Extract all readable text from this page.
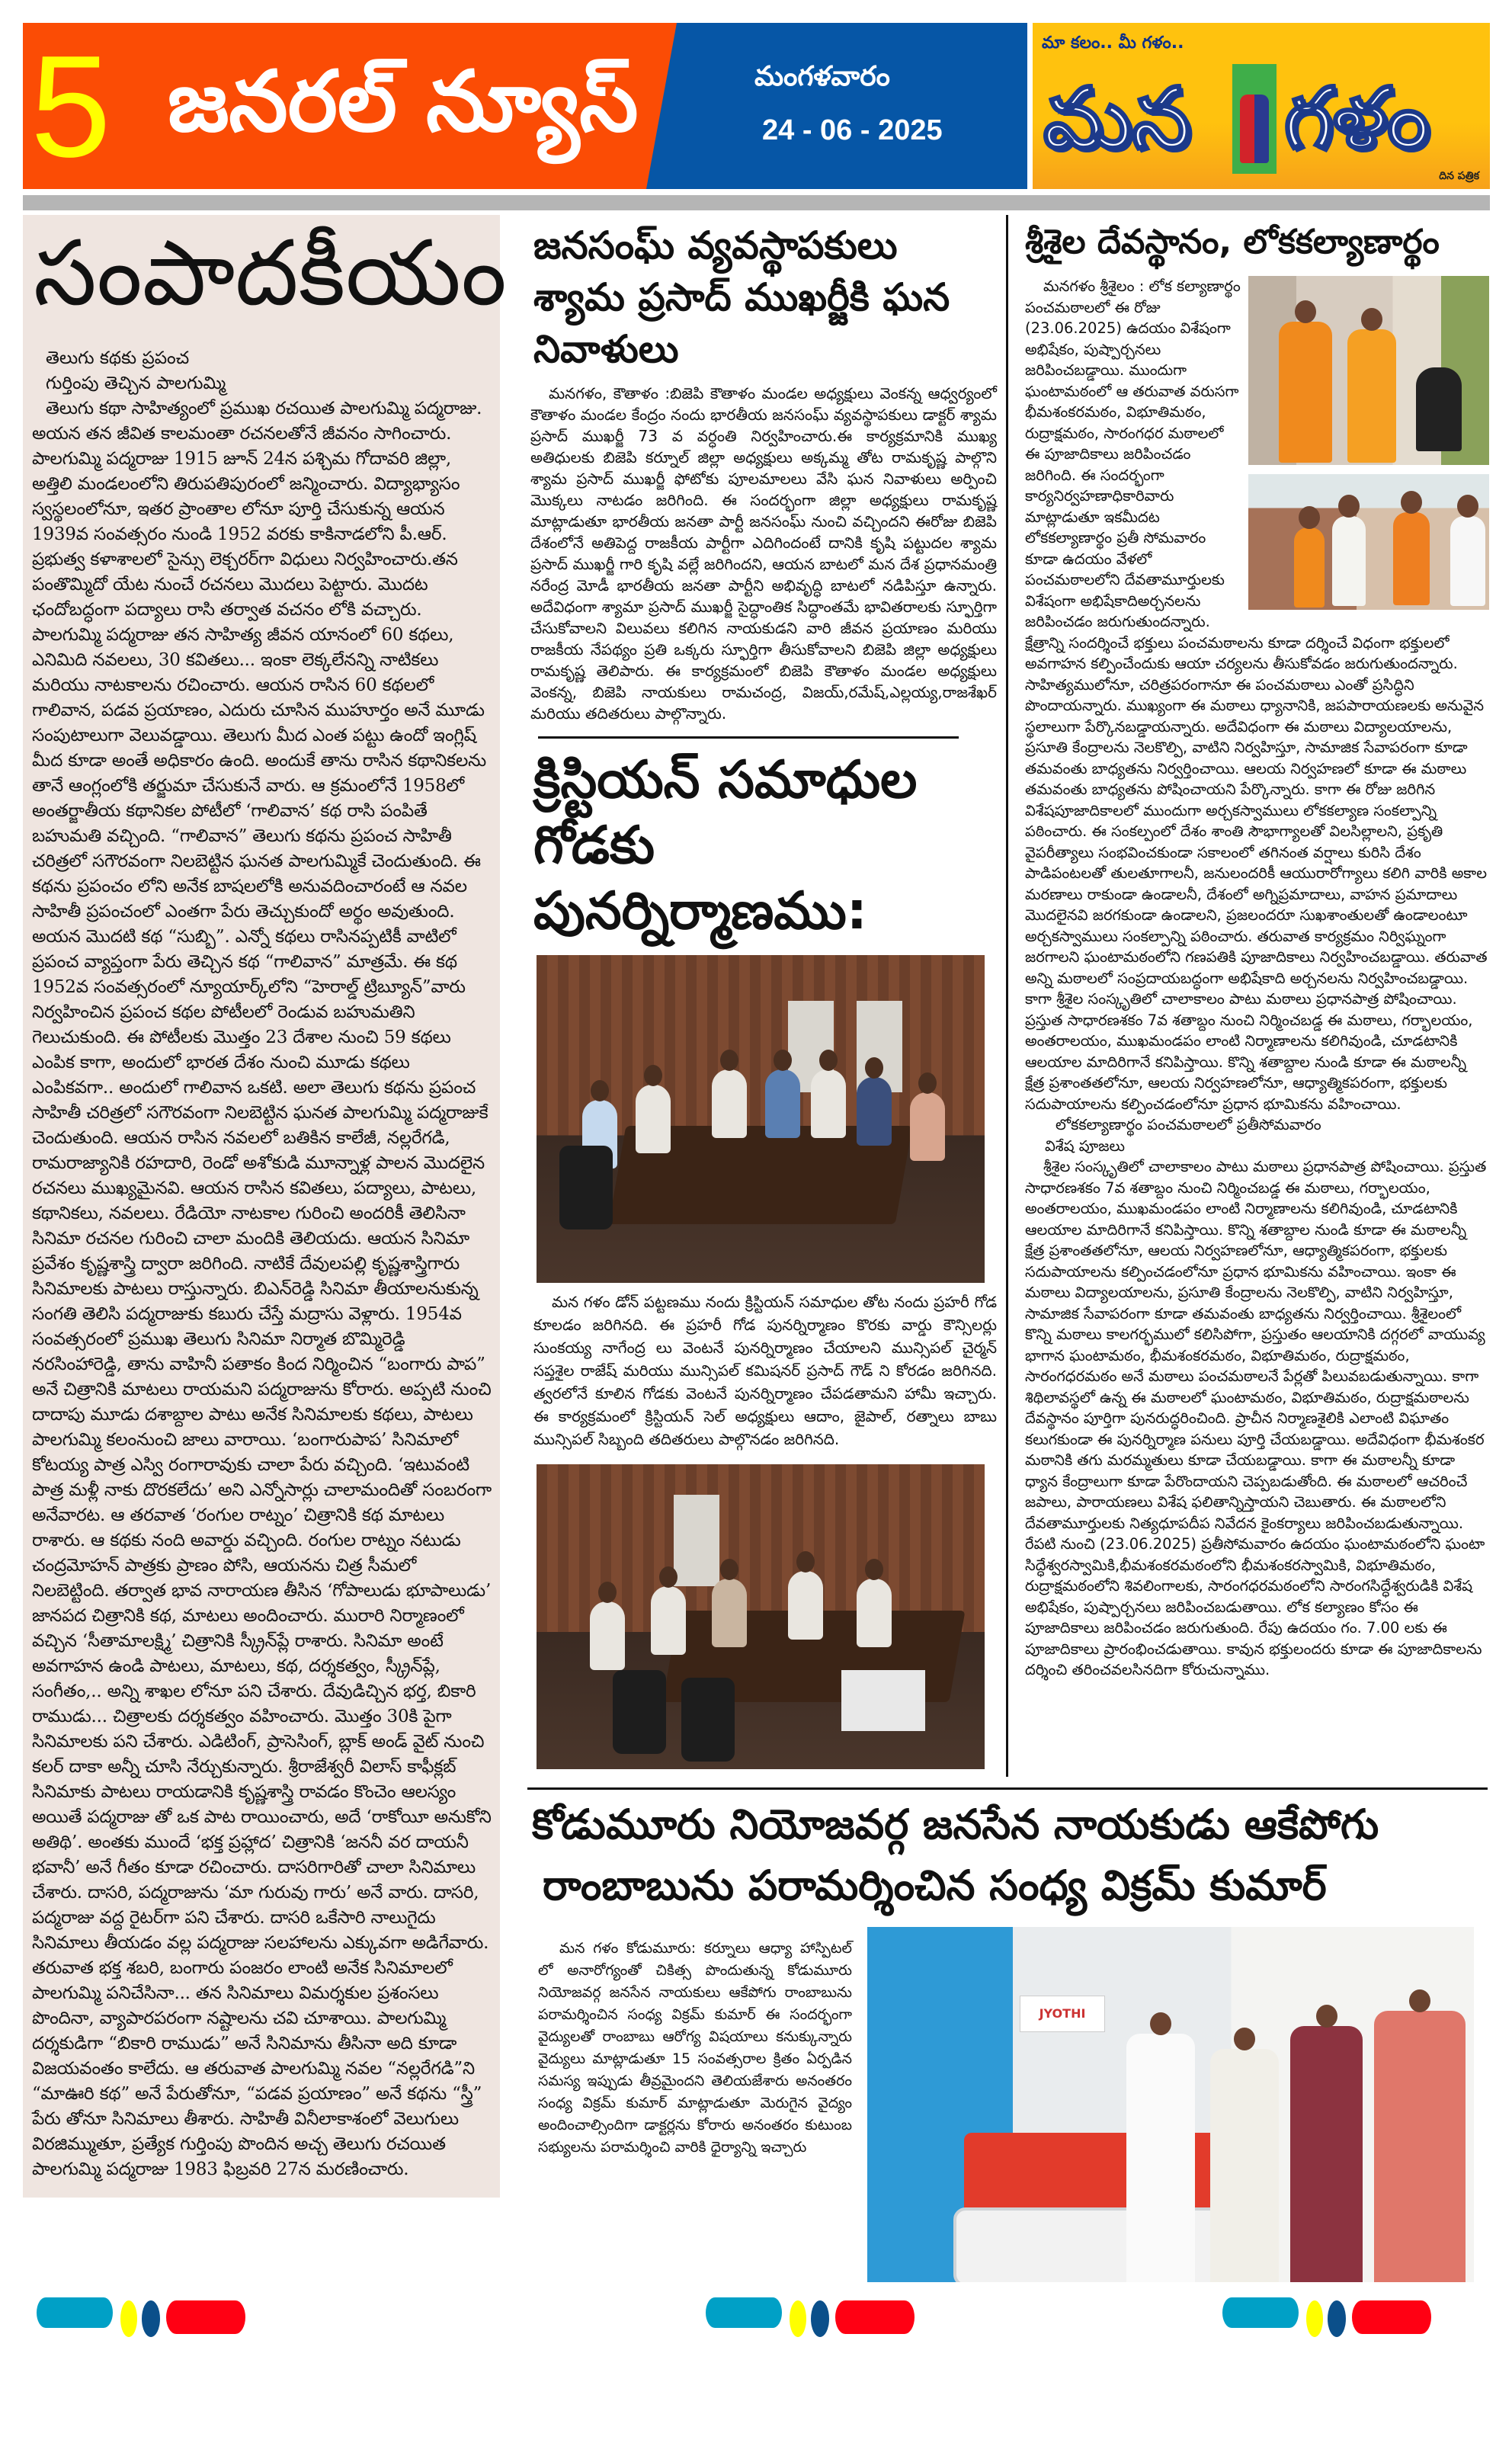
5 జనరల్ న్యూస్	మంగళవారం
24 - 06 - 2025
మా కలం.. మీ గళం..
మన గళం
దిన పత్రిక
సంపాదకీయం
తెలుగు కథకు ప్రపంచ
గుర్తింపు తెచ్చిన పాలగుమ్మి

తెలుగు కథా సాహిత్యంలో ప్రముఖ రచయిత పాలగుమ్మి పద్మరాజు. అయన తన జీవిత కాలమంతా రచనలతోనే జీవనం సాగించారు. పాలగుమ్మి పద్మరాజు 1915 జూన్ 24న పశ్చిమ గోదావరి జిల్లా, అత్తిలి మండలంలోని తిరుపతిపురంలో జన్మించారు. విద్యాభ్యాసం స్వస్థలంలోనూ, ఇతర ప్రాంతాల లోనూ పూర్తి చేసుకున్న ఆయన 1939వ సంవత్సరం నుండి 1952 వరకు కాకినాడలోని పీ.ఆర్. ప్రభుత్వ కళాశాలలో సైన్సు లెక్చరర్‌గా విధులు నిర్వహించారు.తన పంతొమ్మిదో యేట నుంచే రచనలు మొదలు పెట్టారు. మొదట ఛందోబద్ధంగా పద్యాలు రాసి తర్వాత వచనం లోకి వచ్చారు. పాలగుమ్మి పద్మరాజు తన సాహిత్య జీవన యానంలో 60 కథలు, ఎనిమిది నవలలు, 30 కవితలు... ఇంకా లెక్కలేనన్ని నాటికలు మరియు నాటకాలను రచించారు. ఆయన రాసిన 60 కథలలో గాలివాన, పడవ ప్రయాణం, ఎదురు చూసిన ముహూర్తం అనే మూడు సంపుటాలుగా వెలువడ్డాయి. తెలుగు మీద ఎంత పట్టు ఉందో ఇంగ్లిష్ మీద కూడా అంతే అధికారం ఉంది. అందుకే తాను రాసిన కథానికలను తానే ఆంగ్లంలోకి తర్జుమా చేసుకునే వారు. ఆ క్రమంలోనే 1958లో అంతర్జాతీయ కథానికల పోటీలో ‘గాలివాన’ కథ రాసి పంపితే బహుమతి వచ్చింది. “గాలివాన” తెలుగు కథను ప్రపంచ సాహితీ చరిత్రలో సగౌరవంగా నిలబెట్టిన ఘనత పాలగుమ్మికే చెందుతుంది. ఈ కథను ప్రపంచం లోని అనేక బాషలలోకి అనువదించారంటే ఆ నవల సాహితీ ప్రపంచంలో ఎంతగా పేరు తెచ్చుకుందో అర్థం అవుతుంది. అయన మొదటి కథ “సుబ్బి”. ఎన్నో కథలు రాసినప్పటికీ వాటిలో ప్రపంచ వ్యాప్తంగా పేరు తెచ్చిన కథ “గాలివాన” మాత్రమే. ఈ కథ 1952వ సంవత్సరంలో న్యూయార్క్‌లోని “హెరాల్డ్ ట్రిబ్యూన్”వారు నిర్వహించిన ప్రపంచ కథల పోటీలలో రెండువ బహుమతిని గెలుచుకుంది. ఈ పోటీలకు మొత్తం 23 దేశాల నుంచి 59 కథలు ఎంపిక కాగా, అందులో భారత దేశం నుంచి మూడు కథలు ఎంపికవగా.. అందులో గాలివాన ఒకటి. అలా తెలుగు కథను ప్రపంచ సాహితీ చరిత్రలో సగౌరవంగా నిలబెట్టిన ఘనత పాలగుమ్మి పద్మరాజుకే చెందుతుంది. ఆయన రాసిన నవలలో బతికిన కాలేజీ, నల్లరేగడి, రామరాజ్యానికి రహదారి, రెండో అశోకుడి మూన్నాళ్ల పాలన మొదలైన రచనలు ముఖ్యమైనవి. ఆయన రాసిన కవితలు, పద్యాలు, పాటలు, కథానికలు, నవలలు. రేడియో నాటకాల గురించి అందరికీ తెలిసినా సినిమా రచనల గురించి చాలా మందికి తెలియదు. ఆయన సినిమా ప్రవేశం కృష్ణశాస్త్రి ద్వారా జరిగింది. నాటికే దేవులపల్లి కృష్ణశాస్త్రిగారు సినిమాలకు పాటలు రాస్తున్నారు. బిఎన్‌రెడ్డి సినిమా తీయాలనుకున్న సంగతి తెలిసి పద్మరాజుకు కబురు చేస్తే మద్రాసు వెళ్లారు. 1954వ సంవత్సరంలో ప్రముఖ తెలుగు సినిమా నిర్మాత బొమ్మిరెడ్డి నరసింహారెడ్డి, తాను వాహినీ పతాకం కింద నిర్మించిన “బంగారు పాప” అనే చిత్రానికి మాటలు రాయమని పద్మరాజును కోరారు. అప్పటి నుంచి దాదాపు మూడు దశాబ్దాల పాటు అనేక సినిమాలకు కథలు, పాటలు పాలగుమ్మి కలంనుంచి జాలు వారాయి. ‘బంగారుపాప’ సినిమాలో కోటయ్య పాత్ర ఎస్వి రంగారావుకు చాలా పేరు వచ్చింది. ‘ఇటువంటి పాత్ర మళ్లీ నాకు దొరకలేదు’ అని ఎన్నోసార్లు చాలామందితో సంబరంగా అనేవారట. ఆ తరవాత ‘రంగుల రాట్నం’ చిత్రానికి కథ మాటలు రాశారు. ఆ కథకు నంది అవార్డు వచ్చింది. రంగుల రాట్నం నటుడు చంద్రమోహన్ పాత్రకు ప్రాణం పోసి, ఆయనను చిత్ర సీమలో నిలబెట్టింది. తర్వాత భావ నారాయణ తీసిన ‘గోపాలుడు భూపాలుడు’ జానపద చిత్రానికి కథ, మాటలు అందించారు. మురారి నిర్మాణంలో వచ్చిన ‘సీతామాలక్ష్మి’ చిత్రానికి స్క్రీన్‌ప్లే రాశారు. సినిమా అంటే అవగాహన ఉండి పాటలు, మాటలు, కథ, దర్శకత్వం, స్క్రీన్‌ప్లే, సంగీతం,.. అన్ని శాఖల లోనూ పని చేశారు. దేవుడిచ్చిన భర్త, బికారి రాముడు... చిత్రాలకు దర్శకత్వం వహించారు. మొత్తం 30కి పైగా సినిమాలకు పని చేశారు. ఎడిటింగ్, ప్రాసెసింగ్, బ్లాక్ అండ్ వైట్ నుంచి కలర్ దాకా అన్నీ చూసి నేర్చుకున్నారు. శ్రీరాజేశ్వరీ విలాస్ కాఫీక్లబ్ సినిమాకు పాటలు రాయడానికి కృష్ణశాస్త్రి రావడం కొంచెం ఆలస్యం అయితే పద్మరాజు తో ఒక పాట రాయించారు, అదే ‘రాకోయీ అనుకోని అతిథి’. అంతకు ముందే ‘భక్త ప్రహ్లాద’ చిత్రానికి ‘జననీ వర దాయనీ భవానీ’ అనే గీతం కూడా రచించారు. దాసరిగారితో చాలా సినిమాలు చేశారు. దాసరి, పద్మరాజును ‘మా గురువు గారు’ అనే వారు. దాసరి, పద్మరాజు వద్ద రైటర్‌గా పని చేశారు. దాసరి ఒకేసారి నాలుగైదు సినిమాలు తీయడం వల్ల పద్మరాజు సలహాలను ఎక్కువగా అడిగేవారు. తరువాత భక్త శబరి, బంగారు పంజరం లాంటి అనేక సినిమాలలో పాలగుమ్మి పనిచేసినా... తన సినిమాలు విమర్శకుల ప్రశంసలు పొందినా, వ్యాపారపరంగా నష్టాలను చవి చూశాయి. పాలగుమ్మి దర్శకుడిగా “బికారి రాముడు” అనే సినిమాను తీసినా అది కూడా విజయవంతం కాలేదు. ఆ తరువాత పాలగుమ్మి నవల “నల్లరేగడి”ని “మాఊరి కథ” అనే పేరుతోనూ, “పడవ ప్రయాణం” అనే కథను “స్త్రీ” పేరు తోనూ సినిమాలు తీశారు. సాహితీ వినీలాకాశంలో వెలుగులు విరజిమ్ముతూ, ప్రత్యేక గుర్తింపు పొందిన అచ్చ తెలుగు రచయిత పాలగుమ్మి పద్మరాజు 1983 ఫిబ్రవరి 27న మరణించారు.

జనసంఘ్ వ్యవస్థాపకులు శ్యామ ప్రసాద్ ముఖర్జీకి ఘన నివాళులు
మనగళం, కౌతాళం :బిజెపి కౌతాళం మండల అధ్యక్షులు వెంకన్న ఆధ్వర్యంలో కౌతాళం మండల కేంద్రం నందు భారతీయ జనసంఘ్ వ్యవస్థాపకులు డాక్టర్ శ్యామ ప్రసాద్ ముఖర్జీ 73 వ వర్ధంతి నిర్వహించారు.ఈ కార్యక్రమానికి ముఖ్య అతిధులకు బిజెపి కర్నూల్ జిల్లా అధ్యక్షులు అక్కమ్మ తోట రామకృష్ణ పాల్గొని శ్యామ ప్రసాద్ ముఖర్జీ ఫోటోకు పూలమాలలు వేసి ఘన నివాళులు అర్పించి మొక్కలు నాటడం జరిగింది. ఈ సందర్భంగా జిల్లా అధ్యక్షులు రామకృష్ణ మాట్లాడుతూ భారతీయ జనతా పార్టీ జనసంఘ్ నుంచి వచ్చిందని ఈరోజు బిజెపి దేశంలోనే అతిపెద్ద రాజకీయ పార్టీగా ఎదిగిందంటే దానికి కృషి పట్టుదల శ్యామ ప్రసాద్ ముఖర్జీ గారి కృషి వల్లే జరిగిందని, ఆయన బాటలో మన దేశ ప్రధానమంత్రి నరేంద్ర మోడీ భారతీయ జనతా పార్టీని అభివృద్ధి బాటలో నడిపిస్తూ ఉన్నారు. అదేవిధంగా శ్యామా ప్రసాద్ ముఖర్జీ సైద్ధాంతిక సిద్ధాంతమే భావితరాలకు స్ఫూర్తిగా చేసుకోవాలని విలువలు కలిగిన నాయకుడని వారి జీవన ప్రయాణం మరియు రాజకీయ నేపథ్యం ప్రతి ఒక్కరు స్ఫూర్తిగా తీసుకోవాలని బిజెపి జిల్లా అధ్యక్షులు రామకృష్ణ తెలిపారు. ఈ కార్యక్రమంలో బిజెపి కౌతాళం మండల అధ్యక్షులు వెంకన్న, బిజెపి నాయకులు రామచంద్ర, విజయ్,రమేష్,ఎల్లయ్య,రాజశేఖర్ మరియు తదితరులు పాల్గొన్నారు.
క్రిస్టియన్ సమాధుల గోడకు పునర్నిర్మాణము:
మన గళం డోన్ పట్టణము నందు క్రిస్టియన్ సమాధుల తోట నందు ప్రహరీ గోడ కూలడం జరిగినది. ఈ ప్రహరీ గోడ పునర్నిర్మాణం కొరకు వార్డు కౌన్సిలర్లు సుంకయ్య నాగేంద్ర లు వెంటనే పునర్నిర్మాణం చేయాలని మున్సిపల్ చైర్మన్ సప్తశైల రాజేష్ మరియు మున్సిపల్ కమిషనర్ ప్రసాద్ గౌడ్ ని కోరడం జరిగినది. త్వరలోనే కూలిన గోడకు వెంటనే పునర్నిర్మాణం చేపడతామని హామీ ఇచ్చారు. ఈ కార్యక్రమంలో క్రిస్టియన్ సెల్ అధ్యక్షులు ఆదాం, జైపాల్, రత్నాలు బాబు మున్సిపల్ సిబ్బంది తదితరులు పాల్గొనడం జరిగినది.
శ్రీశైల దేవస్థానం, లోకకల్యాణార్థం

మనగళం శ్రీశైలం : లోక కల్యాణార్థం పంచమఠాలలో ఈ రోజు (23.06.2025) ఉదయం విశేషంగా అభిషేకం, పుష్పార్చనలు జరిపించబడ్డాయి. ముందుగా ఘంటామఠంలో ఆ తరువాత వరుసగా భీమశంకరమఠం, విభూతిమఠం, రుద్రాక్షమఠం, సారంగధర మఠాలలో ఈ పూజాదికాలు జరిపించడం జరిగింది. ఈ సందర్భంగా కార్యనిర్వహణాధికారివారు మాట్లాడుతూ ఇకమీదట లోకకల్యాణార్థం ప్రతీ సోమవారం కూడా ఉదయం వేళలో పంచమఠాలలోని దేవతామూర్తులకు విశేషంగా అభిషేకాదిఅర్చనలను జరిపించడం జరుగుతుందన్నారు. క్షేత్రాన్ని సందర్శించే భక్తులు పంచమఠాలను కూడా దర్శించే విధంగా భక్తులలో అవగాహన కల్పించేందుకు ఆయా చర్యలను తీసుకోవడం జరుగుతుందన్నారు. సాహిత్యములోనూ, చరిత్రపరంగానూ ఈ పంచమఠాలు ఎంతో ప్రసిద్ధిని పొందాయన్నారు. ముఖ్యంగా ఈ మఠాలు ధ్యానానికి, జపపారాయణలకు అనువైన స్థలాలుగా పేర్కొనబడ్డాయన్నారు. అదేవిధంగా ఈ మఠాలు విద్యాలయాలను, ప్రసూతి కేంద్రాలను నెలకొల్పి, వాటిని నిర్వహిస్తూ, సామాజిక సేవాపరంగా కూడా తమవంతు బాధ్యతను నిర్వర్తించాయి. ఆలయ నిర్వహణలో కూడా ఈ మఠాలు తమవంతు బాధ్యతను పోషించాయని పేర్కొన్నారు. కాగా ఈ రోజు జరిగిన విశేషపూజాదికాలలో ముందుగా అర్చకస్వాములు లోకకల్యాణ సంకల్పాన్ని పఠించారు. ఈ సంకల్పంలో దేశం శాంతి సౌభాగ్యాలతో విలసిల్లాలని, ప్రకృతి వైపరీత్యాలు సంభవించకుండా సకాలంలో తగినంత వర్షాలు కురిసి దేశం పాడిపంటలతో తులతూగాలనీ, జనులందరికీ ఆయురారోగ్యాలు కలిగి వారికి అకాల మరణాలు రాకుండా ఉండాలనీ, దేశంలో అగ్నిప్రమాదాలు, వాహన ప్రమాదాలు మొదలైనవి జరగకుండా ఉండాలని, ప్రజలందరూ సుఖశాంతులతో ఉండాలంటూ అర్చకస్వాములు సంకల్పాన్ని పఠించారు. తరువాత కార్యక్రమం నిర్విఘ్నంగా జరగాలని ఘంటామఠంలోని గణపతికి పూజాదికాలు నిర్వహించబడ్డాయి. తరువాత అన్ని మఠాలలో సంప్రదాయబద్ధంగా అభిషేకాది అర్చనలను నిర్వహించబడ్డాయి. కాగా శ్రీశైల సంస్కృతిలో చాలాకాలం పాటు మఠాలు ప్రధానపాత్ర పోషించాయి. ప్రస్తుత సాధారణశకం 7వ శతాబ్దం నుంచి నిర్మించబడ్డ ఈ మఠాలు, గర్భాలయం, అంతరాలయం, ముఖమండపం లాంటి నిర్మాణాలను కలిగివుండి, చూడటానికి ఆలయాల మాదిరిగానే కనిపిస్తాయి. కొన్ని శతాబ్దాల నుండి కూడా ఈ మఠాలన్నీ క్షేత్ర ప్రశాంతతలోనూ, ఆలయ నిర్వహణలోనూ, ఆధ్యాత్మికపరంగా, భక్తులకు సదుపాయాలను కల్పించడంలోనూ ప్రధాన భూమికను వహించాయి.

లోకకల్యాణార్థం పంచమఠాలలో ప్రతీసోమవారం

విశేష పూజలు

శ్రీశైల సంస్కృతిలో చాలాకాలం పాటు మఠాలు ప్రధానపాత్ర పోషించాయి. ప్రస్తుత సాధారణశకం 7వ శతాబ్దం నుంచి నిర్మించబడ్డ ఈ మఠాలు, గర్భాలయం, అంతరాలయం, ముఖమండపం లాంటి నిర్మాణాలను కలిగివుండి, చూడటానికి ఆలయాల మాదిరిగానే కనిపిస్తాయి. కొన్ని శతాబ్దాల నుండి కూడా ఈ మఠాలన్నీ క్షేత్ర ప్రశాంతతలోనూ, ఆలయ నిర్వహణలోనూ, ఆధ్యాత్మికపరంగా, భక్తులకు సదుపాయాలను కల్పించడంలోనూ ప్రధాన భూమికను వహించాయి. ఇంకా ఈ మఠాలు విద్యాలయాలను, ప్రసూతి కేంద్రాలను నెలకొల్పి, వాటిని నిర్వహిస్తూ, సామాజిక సేవాపరంగా కూడా తమవంతు బాధ్యతను నిర్వర్తించాయి. శ్రీశైలంలో కొన్ని మఠాలు కాలగర్భములో కలిసిపోగా, ప్రస్తుతం ఆలయానికి దగ్గరలో వాయువ్య భాగాన ఘంటామఠం, భీమశంకరమఠం, విభూతిమఠం, రుద్రాక్షమఠం, సారంగధరమఠం అనే మఠాలు పంచమఠాలనే పేర్లతో పిలువబడుతున్నాయి. కాగా శిథిలావస్థలో ఉన్న ఈ మఠాలలో ఘంటామఠం, విభూతిమఠం, రుద్రాక్షమఠాలను దేవస్థానం పూర్తిగా పునరుద్ధరించింది. ప్రాచీన నిర్మాణశైలికి ఎలాంటి విఘాతం కలుగకుండా ఈ పునర్నిర్మాణ పనులు పూర్తి చేయబడ్డాయి. అదేవిధంగా భీమశంకర మఠానికి తగు మరమ్మతులు కూడా చేయబడ్డాయి. కాగా ఈ మఠాలన్నీ కూడా ధ్యాన కేంద్రాలుగా కూడా పేరొందాయని చెప్పబడుతోంది. ఈ మఠాలలో ఆచరించే జపాలు, పారాయణలు విశేష ఫలితాన్నిస్తాయని చెబుతారు. ఈ మఠాలలోని దేవతామూర్తులకు నిత్యధూపదీప నివేదన కైంకర్యాలు జరిపించబడుతున్నాయి. రేపటి నుంచి (23.06.2025) ప్రతీసోమవారం ఉదయం ఘంటామఠంలోని ఘంటా సిద్ధేశ్వరస్వామికి,భీమశంకరమఠంలోని భీమశంకరస్వామికి, విభూతిమఠం, రుద్రాక్షమఠంలోని శివలింగాలకు, సారంగధరమఠంలోని సారంగసిద్ధేశ్వరుడికి విశేష అభిషేకం, పుష్పార్చనలు జరిపించబడుతాయి. లోక కల్యాణం కోసం ఈ పూజాదికాలు జరిపించడం జరుగుతుంది. రేపు ఉదయం గం. 7.00 లకు ఈ పూజాదికాలు ప్రారంభించడుతాయి. కావున భక్తులందరు కూడా ఈ పూజాదికాలను దర్శించి తరించవలసినదిగా కోరుచున్నాము.

కోడుమూరు నియోజవర్గ జనసేన నాయకుడు ఆకేపోగు
రాంబాబును పరామర్శించిన సంధ్య విక్రమ్ కుమార్
మన గళం కోడుమూరు: కర్నూలు ఆధ్యా హాస్పిటల్ లో అనారోగ్యంతో చికిత్స పొందుతున్న కోడుమూరు నియోజవర్గ జనసేన నాయకులు ఆకేపోగు రాంబాబును పరామర్శించిన సంధ్య విక్రమ్ కుమార్ ఈ సందర్భంగా వైద్యులతో రాంబాబు ఆరోగ్య విషయాలు కనుక్కున్నారు వైద్యులు మాట్లాడుతూ 15 సంవత్సరాల క్రితం ఏర్పడిన సమస్య ఇప్పుడు తీవ్రమైందని తెలియజేశారు అనంతరం సంధ్య విక్రమ్ కుమార్ మాట్లాడుతూ మెరుగైన వైద్యం అందించాల్సిందిగా డాక్టర్లను కోరారు అనంతరం కుటుంబ సభ్యులను పరామర్శించి వారికి ధైర్యాన్ని ఇచ్చారు
JYOTHI
